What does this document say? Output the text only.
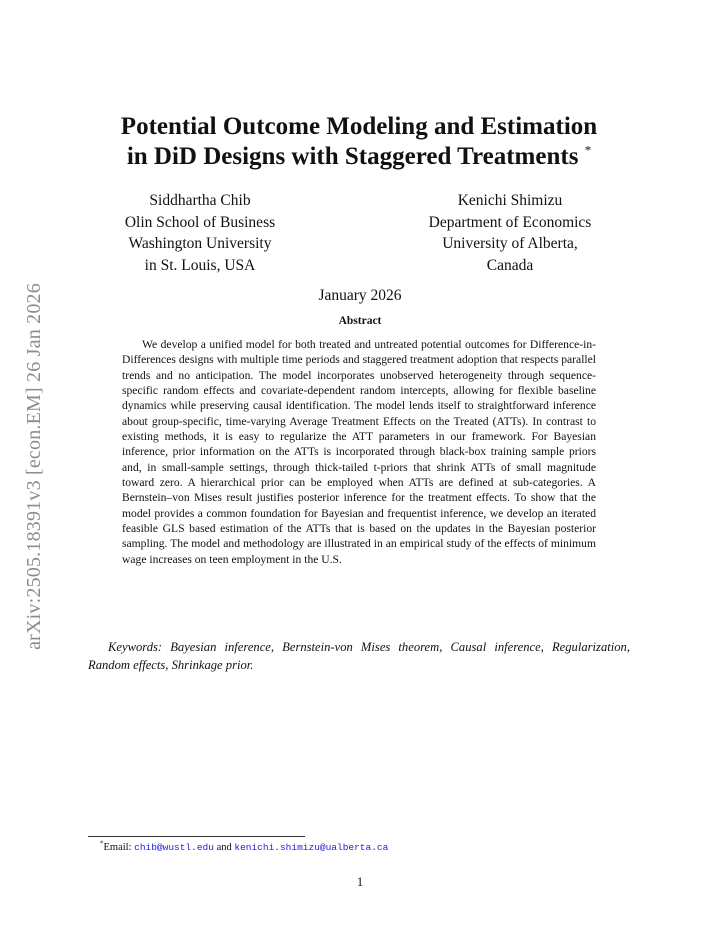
arXiv:2505.18391v3 [econ.EM] 26 Jan 2026
Potential Outcome Modeling and Estimation
in DiD Designs with Staggered Treatments *
Siddhartha Chib
Olin School of Business
Washington University
in St. Louis, USA
Kenichi Shimizu
Department of Economics
University of Alberta,
Canada
January 2026
Abstract

We develop a unified model for both treated and untreated potential outcomes for Difference-in-Differences designs with multiple time periods and staggered treatment adoption that respects parallel trends and no anticipation. The model incorporates unobserved heterogeneity through sequence-specific random effects and covariate-dependent random intercepts, allowing for flexible baseline dynamics while preserving causal identification. The model lends itself to straightforward inference about group-specific, time-varying Average Treatment Effects on the Treated (ATTs). In contrast to existing methods, it is easy to regularize the ATT parameters in our framework. For Bayesian inference, prior information on the ATTs is incorporated through black-box training sample priors and, in small-sample settings, through thick-tailed t-priors that shrink ATTs of small magnitude toward zero. A hierarchical prior can be employed when ATTs are defined at sub-categories. A Bernstein–von Mises result justifies posterior inference for the treatment effects. To show that the model provides a common foundation for Bayesian and frequentist inference, we develop an iterated feasible GLS based estimation of the ATTs that is based on the updates in the Bayesian posterior sampling. The model and methodology are illustrated in an empirical study of the effects of minimum wage increases on teen employment in the U.S.

Keywords: Bayesian inference, Bernstein-von Mises theorem, Causal inference, Regularization, Random effects, Shrinkage prior.

*Email: chib@wustl.edu and kenichi.shimizu@ualberta.ca
1
